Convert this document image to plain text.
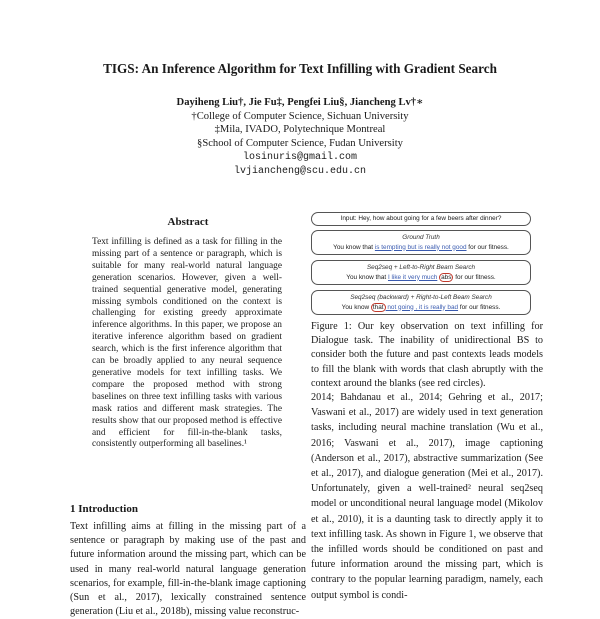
TIGS: An Inference Algorithm for Text Infilling with Gradient Search
Dayiheng Liu†, Jie Fu‡, Pengfei Liu§, Jiancheng Lv†∗
†College of Computer Science, Sichuan University
‡Mila, IVADO, Polytechnique Montreal
§School of Computer Science, Fudan University
losinuris@gmail.com
lvjiancheng@scu.edu.cn
Abstract
Text infilling is defined as a task for filling in the missing part of a sentence or paragraph, which is suitable for many real-world natural language generation scenarios. However, given a well-trained sequential generative model, generating missing symbols conditioned on the context is challenging for existing greedy approximate inference algorithms. In this paper, we propose an iterative inference algorithm based on gradient search, which is the first inference algorithm that can be broadly applied to any neural sequence generative models for text infilling tasks. We compare the proposed method with strong baselines on three text infilling tasks with various mask ratios and different mask strategies. The results show that our proposed method is effective and efficient for fill-in-the-blank tasks, consistently outperforming all baselines.¹
1 Introduction
Text infilling aims at filling in the missing part of a sentence or paragraph by making use of the past and future information around the missing part, which can be used in many real-world natural language generation scenarios, for example, fill-in-the-blank image captioning (Sun et al., 2017), lexically constrained sentence generation (Liu et al., 2018b), missing value reconstruc-
Input: Hey, how about going for a few beers after dinner?
Ground Truth
You know that is tempting but is really not good for our fitness.
Seq2seq + Left-to-Right Beam Search
You know that I like it very much abs for our fitness.
Seq2seq (backward) + Right-to-Left Beam Search
You know that not going , it is really bad for our fitness.
Figure 1: Our key observation on text infilling for Dialogue task. The inability of unidirectional BS to consider both the future and past contexts leads models to fill the blank with words that clash abruptly with the context around the blanks (see red circles).
2014; Bahdanau et al., 2014; Gehring et al., 2017; Vaswani et al., 2017) are widely used in text generation tasks, including neural machine translation (Wu et al., 2016; Vaswani et al., 2017), image captioning (Anderson et al., 2017), abstractive summarization (See et al., 2017), and dialogue generation (Mei et al., 2017). Unfortunately, given a well-trained² neural seq2seq model or unconditional neural language model (Mikolov et al., 2010), it is a daunting task to directly apply it to text infilling task. As shown in Figure 1, we observe that the infilled words should be conditioned on past and future information around the missing part, which is contrary to the popular learning paradigm, namely, each output symbol is condi-
